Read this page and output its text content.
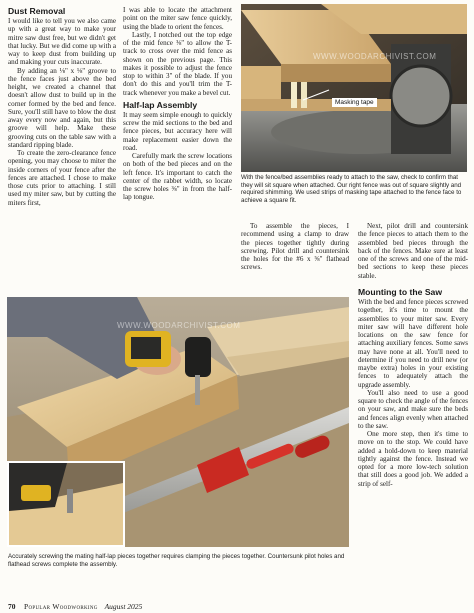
Dust Removal

I would like to tell you we also came up with a great way to make your mitre saw dust free, but we didn't get that lucky. But we did come up with a way to keep dust from building up and making your cuts inaccurate.

By adding an ⅛" x ⅛" groove to the fence faces just above the bed height, we created a channel that doesn't allow dust to build up in the corner formed by the bed and fence. Sure, you'll still have to blow the dust away every now and again, but this groove will help. Make these grooving cuts on the table saw with a standard ripping blade.

To create the zero-clearance fence opening, you may choose to miter the inside corners of your fence after the fences are attached. I chose to make those cuts prior to attaching. I still used my miter saw, but by cutting the miters first,

I was able to locate the attachment point on the miter saw fence quickly, using the blade to orient the fences.

Lastly, I notched out the top edge of the mid fence ⅜" to allow the T-track to cross over the mid fence as shown on the previous page. This makes it possible to adjust the fence stop to within 3" of the blade. If you don't do this and you'll trim the T-track whenever you make a bevel cut.

Half-lap Assembly

It may seem simple enough to quickly screw the mid sections to the bed and fence pieces, but accuracy here will make replacement easier down the road.

Carefully mark the screw locations on both of the bed pieces and on the left fence. It's important to catch the center of the rabbet width, so locate the screw holes ⅜" in from the half-lap tongue.

Masking tape
WWW.WOODARCHIVIST.COM
With the fence/bed assemblies ready to attach to the saw, check to confirm that they will sit square when attached. Our right fence was out of square slightly and required shimming. We used strips of masking tape attached to the fence face to achieve a square fit.

To assemble the pieces, I recommend using a clamp to draw the pieces together tightly during screwing. Pilot drill and countersink the holes for the #6 x ⅝" flathead screws.

Next, pilot drill and countersink the fence pieces to attach them to the assembled bed pieces through the back of the fences. Make sure at least one of the screws and one of the mid-bed sections to keep these pieces stable.

WWW.WOODARCHIVIST.COM
Accurately screwing the mating half-lap pieces together requires clamping the pieces together. Countersunk pilot holes and flathead screws complete the assembly.
Mounting to the Saw

With the bed and fence pieces screwed together, it's time to mount the assemblies to your miter saw. Every miter saw will have different hole locations on the saw fence for attaching auxiliary fences. Some saws may have none at all. You'll need to determine if you need to drill new (or maybe extra) holes in your existing fences to adequately attach the upgrade assembly.

You'll also need to use a good square to check the angle of the fences on your saw, and make sure the beds and fences align evenly when attached to the saw.

One more step, then it's time to move on to the stop. We could have added a hold-down to keep material tightly against the fence. Instead we opted for a more low-tech solution that still does a good job. We added a strip of self-

70 Popular Woodworking August 2025
